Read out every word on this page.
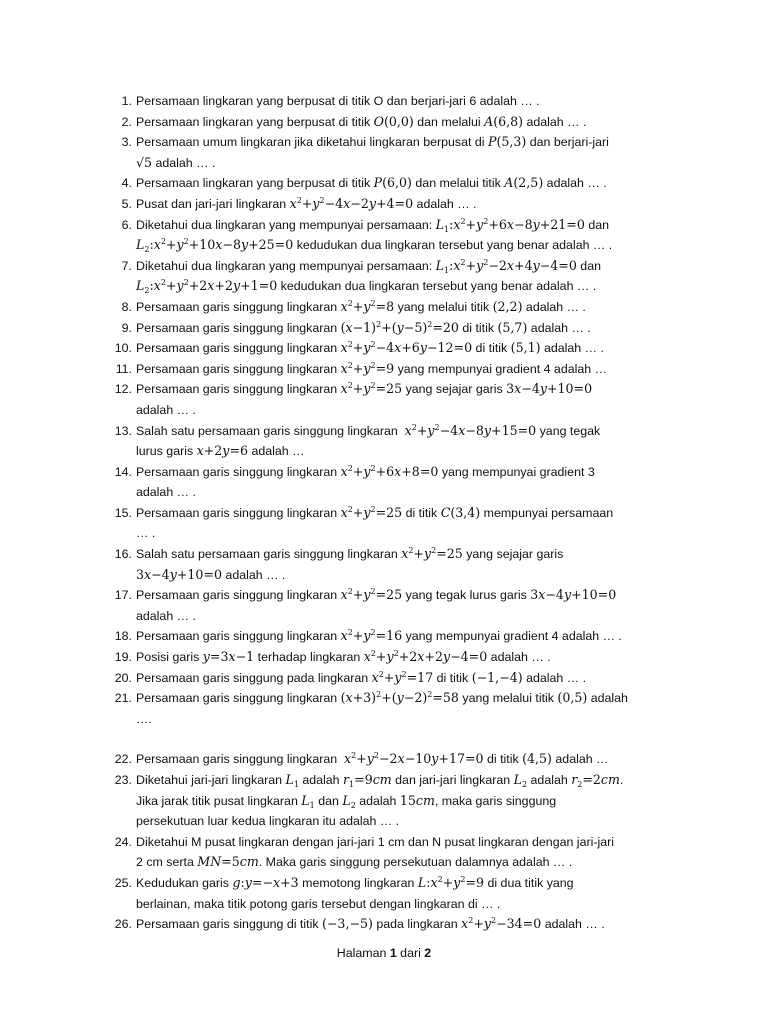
1. Persamaan lingkaran yang berpusat di titik O dan berjari-jari 6 adalah … .
2. Persamaan lingkaran yang berpusat di titik O(0,0) dan melalui A(6,8) adalah … .
3. Persamaan umum lingkaran jika diketahui lingkaran berpusat di P(5,3) dan berjari-jari
√5 adalah … .
4. Persamaan lingkaran yang berpusat di titik P(6,0) dan melalui titik A(2,5) adalah … .
5. Pusat dan jari-jari lingkaran $x^2+y^2-4x-2y+4=0$ adalah … .
6. Diketahui dua lingkaran yang mempunyai persamaan: $L_1:x^2+y^2+6x-8y+21=0$ dan
$L_2:x^2+y^2+10x-8y+25=0$ kedudukan dua lingkaran tersebut yang benar adalah … .
7. Diketahui dua lingkaran yang mempunyai persamaan: $L_1:x^2+y^2-2x+4y-4=0$ dan
$L_2:x^2+y^2+2x+2y+1=0$ kedudukan dua lingkaran tersebut yang benar adalah … .
8. Persamaan garis singgung lingkaran $x^2+y^2=8$ yang melalui titik (2,2) adalah … .
9. Persamaan garis singgung lingkaran $(x-1)^2+(y-5)^2=20$ di titik (5,7) adalah … .
10. Persamaan garis singgung lingkaran $x^2+y^2-4x+6y-12=0$ di titik (5,1) adalah … .
11. Persamaan garis singgung lingkaran $x^2+y^2=9$ yang mempunyai gradient 4 adalah …
12. Persamaan garis singgung lingkaran $x^2+y^2=25$ yang sejajar garis 3x−4y+10=0
adalah … .
13. Salah satu persamaan garis singgung lingkaran  $x^2+y^2-4x-8y+15=0$ yang tegak
lurus garis x+2y=6 adalah …
14. Persamaan garis singgung lingkaran $x^2+y^2+6x+8=0$ yang mempunyai gradient 3
adalah … .
15. Persamaan garis singgung lingkaran $x^2+y^2=25$ di titik C(3,4) mempunyai persamaan
… .
16. Salah satu persamaan garis singgung lingkaran $x^2+y^2=25$ yang sejajar garis
3x−4y+10=0 adalah … .
17. Persamaan garis singgung lingkaran $x^2+y^2=25$ yang tegak lurus garis 3x−4y+10=0
adalah … .
18. Persamaan garis singgung lingkaran $x^2+y^2=16$ yang mempunyai gradient 4 adalah … .
19. Posisi garis y=3x−1 terhadap lingkaran $x^2+y^2+2x+2y-4=0$ adalah … .
20. Persamaan garis singgung pada lingkaran $x^2+y^2=17$ di titik (−1,−4) adalah … .
21. Persamaan garis singgung lingkaran $(x+3)^2+(y-2)^2=58$ yang melalui titik (0,5) adalah
….
22. Persamaan garis singgung lingkaran  $x^2+y^2-2x-10y+17=0$ di titik (4,5) adalah …
23. Diketahui jari-jari lingkaran $L_1$ adalah $r_1=9cm$ dan jari-jari lingkaran $L_2$ adalah $r_2=2cm$.
Jika jarak titik pusat lingkaran $L_1$ dan $L_2$ adalah 15cm, maka garis singgung
persekutuan luar kedua lingkaran itu adalah … .
24. Diketahui M pusat lingkaran dengan jari-jari 1 cm dan N pusat lingkaran dengan jari-jari
2 cm serta MN=5cm. Maka garis singgung persekutuan dalamnya adalah … .
25. Kedudukan garis g:y=−x+3 memotong lingkaran $L:x^2+y^2=9$ di dua titik yang
berlainan, maka titik potong garis tersebut dengan lingkaran di … .
26. Persamaan garis singgung di titik (−3,−5) pada lingkaran $x^2+y^2-34=0$ adalah … .
Halaman 1 dari 2
